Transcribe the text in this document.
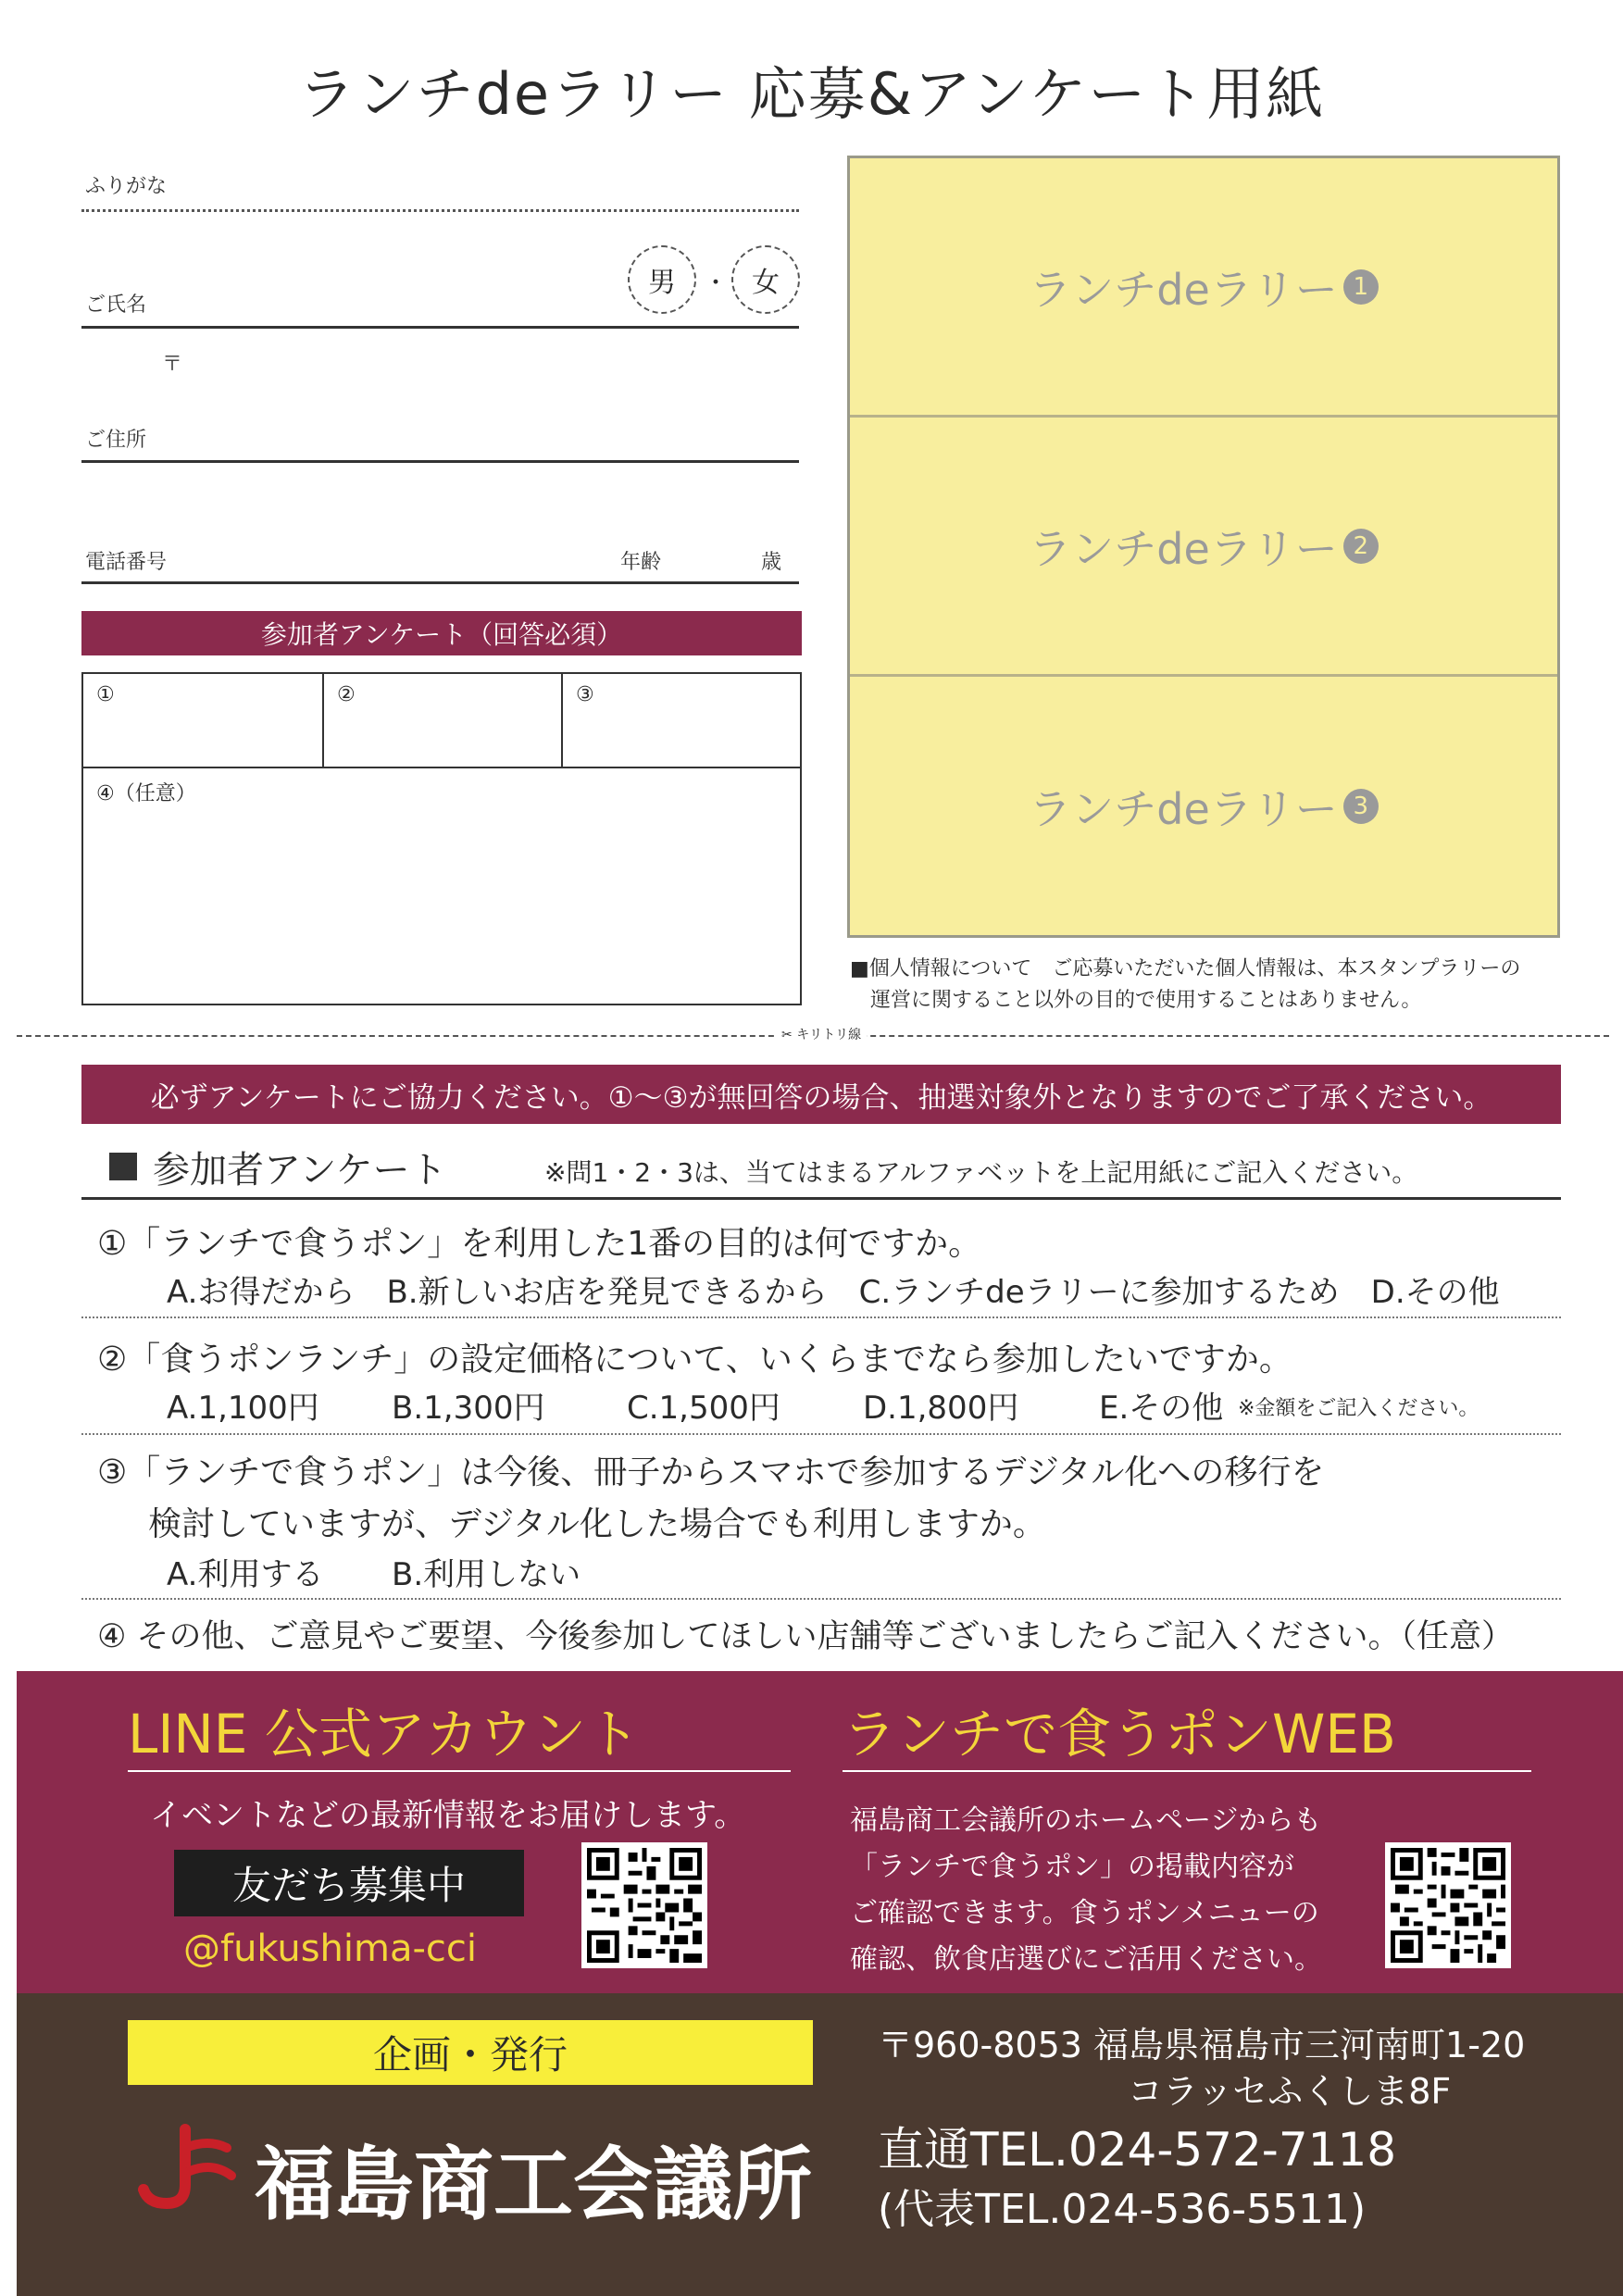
ランチdeラリー 応募&アンケート用紙
ふりがな
男	・ 女
ご氏名
〒
ご住所
電話番号	年齢	歳
参加者アンケート（回答必須）
①	②	③
④（任意）
ランチdeラリー 1
ランチdeラリー 2
ランチdeラリー 3
■個人情報について　ご応募いただいた個人情報は、本スタンプラリーの
運営に関すること以外の目的で使用することはありません。
✂ キリトリ線
必ずアンケートにご協力ください。①〜③が無回答の場合、抽選対象外となりますのでご了承ください。
参加者アンケート	※問1・2・3は、当てはまるアルファベットを上記用紙にご記入ください。
①「ランチで食うポン」を利用した1番の目的は何ですか。
A.お得だから　B.新しいお店を発見できるから　C.ランチdeラリーに参加するため　D.その他
②「食うポンランチ」の設定価格について、いくらまでなら参加したいですか。
A.1,100円 B.1,300円	C.1,500円	D.1,800円	E.その他 ※金額をご記入ください。
③「ランチで食うポン」は今後、冊子からスマホで参加するデジタル化への移行を
検討していますが、デジタル化した場合でも利用しますか。
A.利用する B.利用しない
④ その他、ご意見やご要望、今後参加してほしい店舗等ございましたらご記入ください。（任意）
LINE 公式アカウント
イベントなどの最新情報をお届けします。
友だち募集中
@fukushima-cci
ランチで食うポンWEB
福島商工会議所のホームページからも
「ランチで食うポン」の掲載内容が
ご確認できます。食うポンメニューの
確認、飲食店選びにご活用ください。
企画・発行
福島商工会議所
〒960-8053 福島県福島市三河南町1-20
コラッセふくしま8F
直通TEL.024-572-7118
(代表TEL.024-536-5511)
